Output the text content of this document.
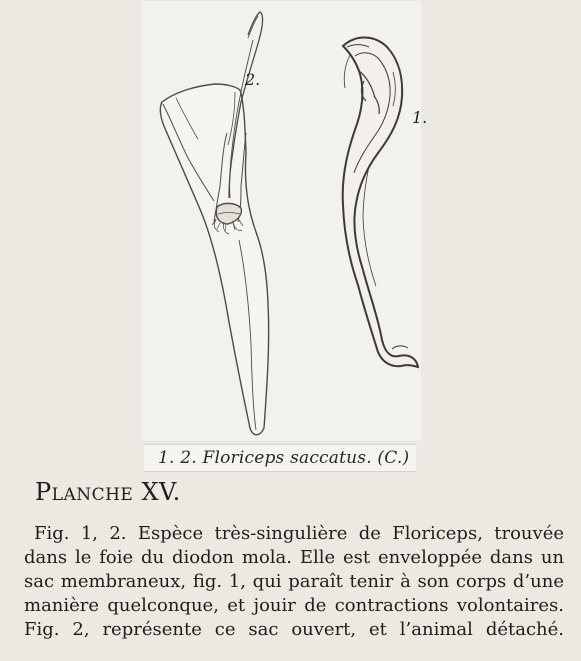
2.
1.
1. 2. Floriceps saccatus. (C.)
Planche XV.

Fig. 1, 2. Espèce très-singulière de Floriceps, trouvée

dans le foie du diodon mola. Elle est enveloppée dans un

sac membraneux, fig. 1, qui paraît tenir à son corps d’une

manière quelconque, et jouir de contractions volontaires.

Fig. 2, représente ce sac ouvert, et l’animal détaché.
